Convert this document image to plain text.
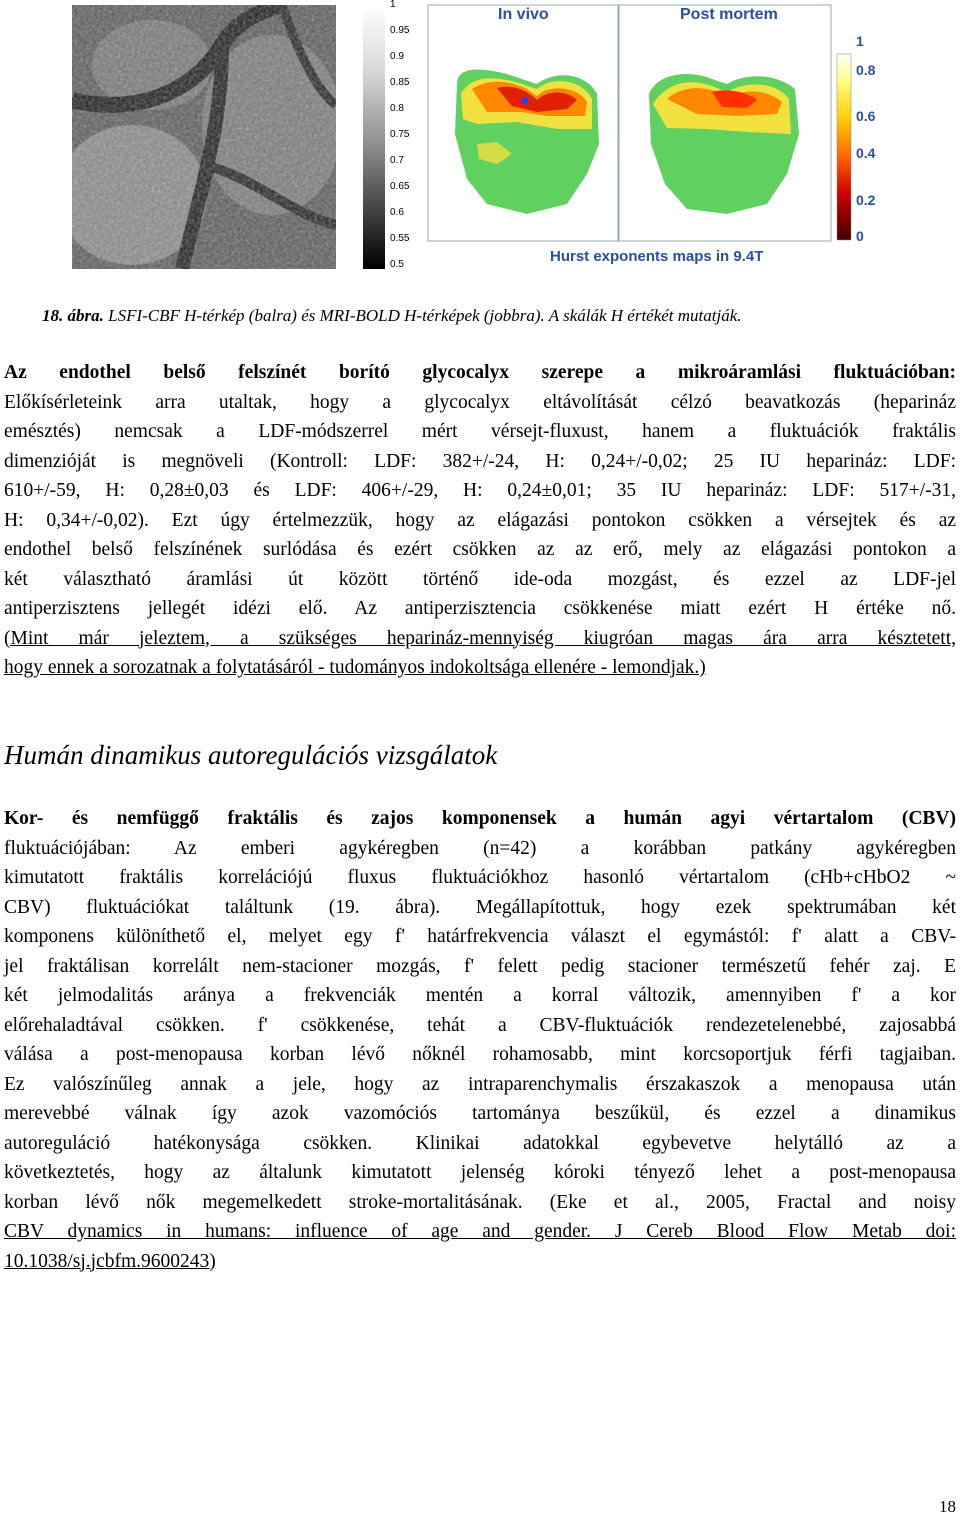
1
0.95
0.9
0.85
0.8
0.75
0.7
0.65
0.6
0.55
0.5
In vivo	Post mortem
1
0.8
0.6
0.4
0.2
0
Hurst exponents maps in 9.4T
18. ábra. LSFI-CBF H-térkép (balra) és MRI-BOLD H-térképek (jobbra). A skálák H értékét mutatják.
Az endothel belső felszínét borító glycocalyx szerepe a mikroáramlási fluktuációban:
Előkísérleteink arra utaltak, hogy a glycocalyx eltávolítását célzó beavatkozás (heparináz
emésztés) nemcsak a LDF-módszerrel mért vérsejt-fluxust, hanem a fluktuációk fraktális
dimenzióját is megnöveli (Kontroll: LDF: 382+/-24, H: 0,24+/-0,02; 25 IU heparináz: LDF:
610+/-59, H: 0,28±0,03 és LDF: 406+/-29, H: 0,24±0,01; 35 IU heparináz: LDF: 517+/-31,
H: 0,34+/-0,02). Ezt úgy értelmezzük, hogy az elágazási pontokon csökken a vérsejtek és az
endothel belső felszínének surlódása és ezért csökken az az erő, mely az elágazási pontokon a
két választható áramlási út között történő ide-oda mozgást, és ezzel az LDF-jel
antiperzisztens jellegét idézi elő. Az antiperzisztencia csökkenése miatt ezért H értéke nő.
(Mint már jeleztem, a szükséges heparináz-mennyiség kiugróan magas ára arra késztetett,
hogy ennek a sorozatnak a folytatásáról - tudományos indokoltsága ellenére - lemondjak.)
Humán dinamikus autoregulációs vizsgálatok
Kor- és nemfüggő fraktális és zajos komponensek a humán agyi vértartalom (CBV)
fluktuációjában: Az emberi agykéregben (n=42) a korábban patkány agykéregben
kimutatott fraktális korrelációjú fluxus fluktuációkhoz hasonló vértartalom (cHb+cHbO2 ~
CBV) fluktuációkat találtunk (19. ábra). Megállapítottuk, hogy ezek spektrumában két
komponens különíthető el, melyet egy f' határfrekvencia választ el egymástól: f' alatt a CBV-
jel fraktálisan korrelált nem-stacioner mozgás, f' felett pedig stacioner természetű fehér zaj. E
két jelmodalitás aránya a frekvenciák mentén a korral változik, amennyiben f' a kor
előrehaladtával csökken. f' csökkenése, tehát a CBV-fluktuációk rendezetelenebbé, zajosabbá
válása a post-menopausa korban lévő nőknél rohamosabb, mint korcsoportjuk férfi tagjaiban.
Ez valószínűleg annak a jele, hogy az intraparenchymalis érszakaszok a menopausa után
merevebbé válnak így azok vazomóciós tartománya beszűkül, és ezzel a dinamikus
autoreguláció hatékonysága csökken. Klinikai adatokkal egybevetve helytálló az a
következtetés, hogy az általunk kimutatott jelenség kóroki tényező lehet a post-menopausa
korban lévő nők megemelkedett stroke-mortalitásának. (Eke et al., 2005, Fractal and noisy
CBV dynamics in humans: influence of age and gender. J Cereb Blood Flow Metab doi:
10.1038/sj.jcbfm.9600243)
18
